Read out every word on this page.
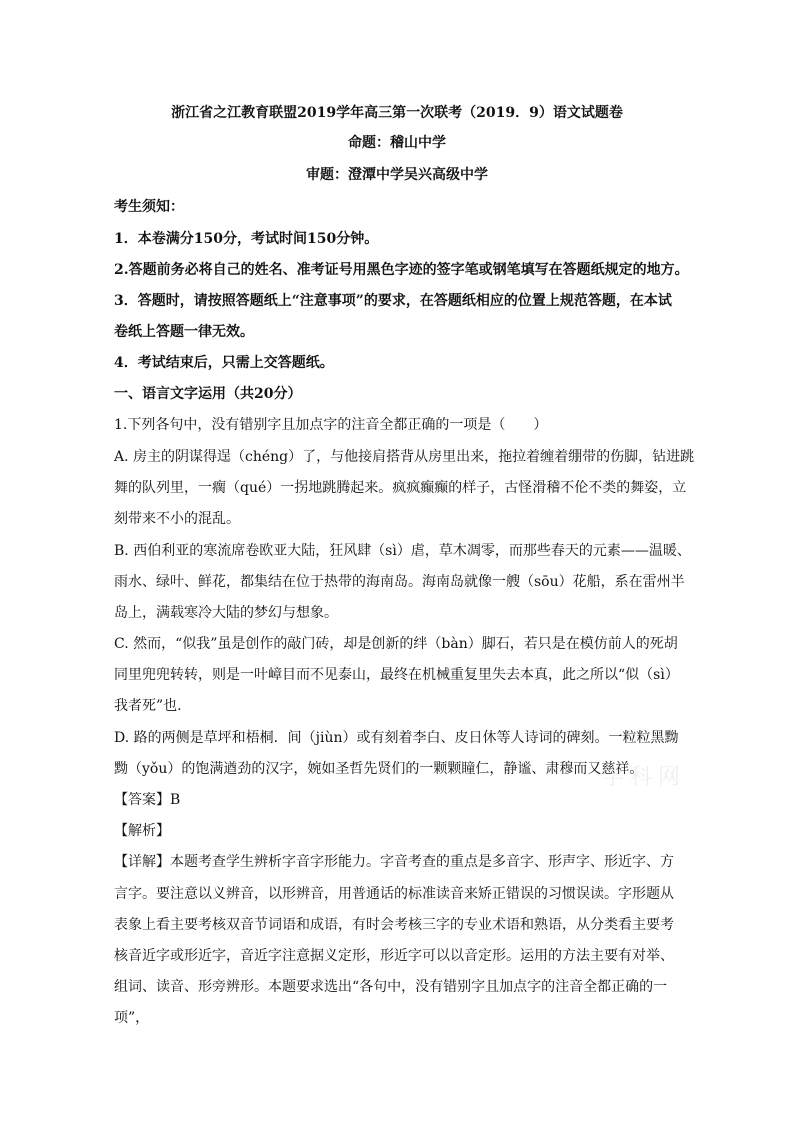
浙江省之江教育联盟2019学年高三第一次联考（2019．9）语文试题卷
命题：稽山中学
审题：澄潭中学吴兴高级中学
考生须知：
1．本卷满分150分，考试时间150分钟。
2.答题前务必将自己的姓名、准考证号用黑色字迹的签字笔或钢笔填写在答题纸规定的地方。
3．答题时，请按照答题纸上“注意事项”的要求，在答题纸相应的位置上规范答题，在本试
卷纸上答题一律无效。
4．考试结束后，只需上交答题纸。
一、语言文字运用（共20分）
1.下列各句中，没有错别字且加点字的注音全都正确的一项是（　　）
A. 房主的阴谋得逞（chéng）了，与他接肩搭背从房里出来，拖拉着缠着绷带的伤脚，钻进跳
舞的队列里，一瘸（qué）一拐地跳腾起来。疯疯癫癫的样子，古怪滑稽不伦不类的舞姿，立
刻带来不小的混乱。
B. 西伯利亚的寒流席卷欧亚大陆，狂风肆（sì）虐，草木凋零，而那些春天的元素——温暖、
雨水、绿叶、鲜花，都集结在位于热带的海南岛。海南岛就像一艘（sōu）花船，系在雷州半
岛上，满载寒冷大陆的梦幻与想象。
C. 然而，“似我”虽是创作的敲门砖，却是创新的绊（bàn）脚石，若只是在模仿前人的死胡
同里兜兜转转，则是一叶嶂目而不见泰山，最终在机械重复里失去本真，此之所以“似（sì）
我者死”也.
D. 路的两侧是草坪和梧桐．间（jiùn）或有刻着李白、皮日休等人诗词的碑刻。一粒粒黑黝
黝（yǒu）的饱满遒劲的汉字，婉如圣哲先贤们的一颗颗瞳仁，静谧、肃穆而又慈祥。
【答案】B
【解析】
【详解】本题考查学生辨析字音字形能力。字音考查的重点是多音字、形声字、形近字、方
言字。要注意以义辨音，以形辨音，用普通话的标准读音来矫正错误的习惯误读。字形题从
表象上看主要考核双音节词语和成语，有时会考核三字的专业术语和熟语，从分类看主要考
核音近字或形近字，音近字注意据义定形，形近字可以以音定形。运用的方法主要有对举、
组词、读音、形旁辨形。本题要求选出“各句中，没有错别字且加点字的注音全都正确的一
项”，
学科网
